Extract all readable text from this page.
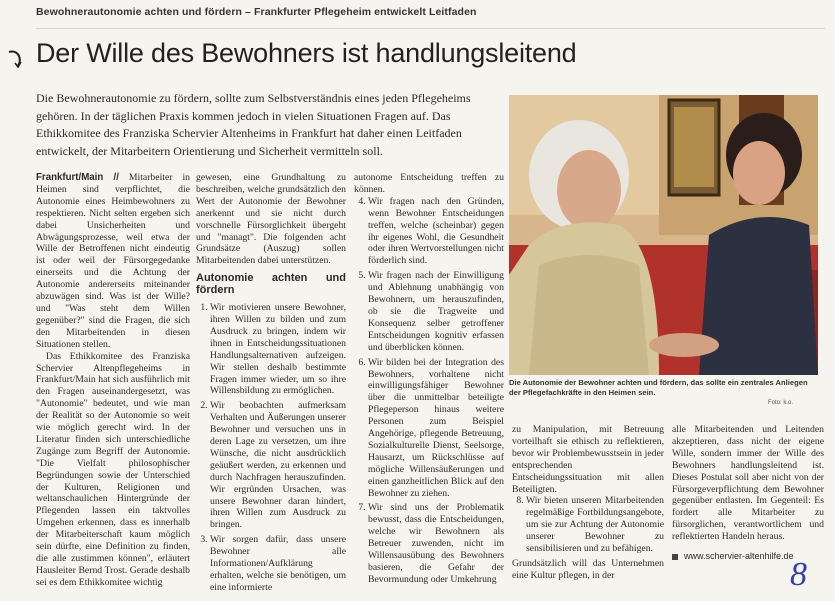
Bewohnerautonomie achten und fördern – Frankfurter Pflegeheim entwickelt Leitfaden
Der Wille des Bewohners ist handlungsleitend
Die Bewohnerautonomie zu fördern, sollte zum Selbstverständnis eines jeden Pflegeheims gehören. In der täglichen Praxis kommen jedoch in vielen Situationen Fragen auf. Das Ethikkomitee des Franziska Schervier Altenheims in Frankfurt hat daher einen Leitfaden entwickelt, der Mitarbeitern Orientierung und Sicherheit vermitteln soll.

Frankfurt/Main // Mitarbeiter in Heimen sind verpflichtet, die Autonomie eines Heimbewohners zu respektieren. Nicht selten ergeben sich dabei Unsicherheiten und Abwägungsprozesse, weil etwa der Wille der Betroffenen nicht eindeutig ist oder weil der Fürsorgegedanke einerseits und die Achtung der Autonomie andererseits miteinander abzuwägen sind. Was ist der Wille? und "Was steht dem Willen gegenüber?" sind die Fragen, die sich den Mitarbeitenden in diesen Situationen stellen.

Das Ethikkomitee des Franziska Schervier Altenpflegeheims in Frankfurt/Main hat sich ausführlich mit den Fragen auseinandergesetzt, was "Autonomie" bedeutet, und wie man der Realität so der Autonomie so weit wie möglich gerecht wird. In der Literatur finden sich unterschiedliche Zugänge zum Begriff der Autonomie. "Die Vielfalt philosophischer Begründungen sowie der Unterschied der Kulturen, Religionen und weltanschaulichen Hintergründe der Pflegenden lassen ein taktvolles Umgehen erkennen, dass es innerhalb der Mitarbeiterschaft kaum möglich sein dürfte, eine Definition zu finden, die alle zustimmen können", erläutert Hausleiter Bernd Trost. Gerade deshalb sei es dem Ethikkomitee wichtig

gewesen, eine Grundhaltung zu beschreiben, welche grundsätzlich den Wert der Autonomie der Bewohner anerkennt und sie nicht durch vorschnelle Fürsorglichkeit übergeht und "managt". Die folgenden acht Grundsätze (Auszug) sollen Mitarbeitenden dabei unterstützen.

Autonomie achten und fördern

1. Wir motivieren unsere Bewohner, ihren Willen zu bilden und zum Ausdruck zu bringen, indem wir ihnen in Entscheidungssituationen Handlungsalternativen aufzeigen. Wir stellen deshalb bestimmte Fragen immer wieder, um so ihre Willensbildung zu ermöglichen.
2. Wir beobachten aufmerksam Verhalten und Äußerungen unserer Bewohner und versuchen uns in deren Lage zu versetzen, um ihre Wünsche, die nicht ausdrücklich geäußert werden, zu erkennen und durch Nachfragen herauszufinden. Wir ergründen Ursachen, was unsere Bewohner daran hindert, ihren Willen zum Ausdruck zu bringen.
3. Wir sorgen dafür, dass unsere Bewohner alle Informationen/Aufklärung erhalten, welche sie benötigen, um eine informierte

autonome Entscheidung treffen zu können.

4. Wir fragen nach den Gründen, wenn Bewohner Entscheidungen treffen, welche (scheinbar) gegen ihr eigenes Wohl, die Gesundheit oder ihren Wertvorstellungen nicht förderlich sind.
5. Wir fragen nach der Einwilligung und Ablehnung unabhängig von Bewohnern, um herauszufinden, ob sie die Tragweite und Konsequenz selber getroffener Entscheidungen kognitiv erfassen und überblicken können.
6. Wir bilden bei der Integration des Bewohners, vorhaltene nicht einwilligungsfähiger Bewohner über die unmittelbar beteiligte Pflegeperson hinaus weitere Personen zum Beispiel Angehörige, pflegende Betreuung, Sozialkulturelle Dienst, Seelsorge, Hausarzt, um Rückschlüsse auf mögliche Willensäußerungen und einen ganzheitlichen Blick auf den Bewohner zu ziehen.
7. Wir sind uns der Problematik bewusst, dass die Entscheidungen, welche wir Bewohnern als Betreuer zuwenden, nicht im Willensausübung des Bewohners basieren, die Gefahr der Bevormundung oder Umkehrung
Die Autonomie der Bewohner achten und fördern, das sollte ein zentrales Anliegen der Pflegefachkräfte in den Heimen sein.
Foto: k.o.

zu Manipulation, mit Betreuung vorteilhaft sie ethisch zu reflektieren, bevor wir Problembewusstsein in jeder entsprechenden Entscheidungssituation mit allen Beteiligten.

8. Wir bieten unseren Mitarbeitenden regelmäßige Fortbildungsangebote, um sie zur Achtung der Autonomie unserer Bewohner zu sensibilisieren und zu befähigen.

Grundsätzlich will das Unternehmen eine Kultur pflegen, in der

alle Mitarbeitenden und Leitenden akzeptieren, dass nicht der eigene Wille, sondern immer der Wille des Bewohners handlungsleitend ist. Dieses Postulat soll aber nicht von der Fürsorgeverpflichtung dem Bewohner gegenüber entlasten. Im Gegenteil: Es fordert alle Mitarbeiter zu fürsorglichen, verantwortlichem und reflektierten Handeln heraus.

www.schervier-altenhilfe.de
8
